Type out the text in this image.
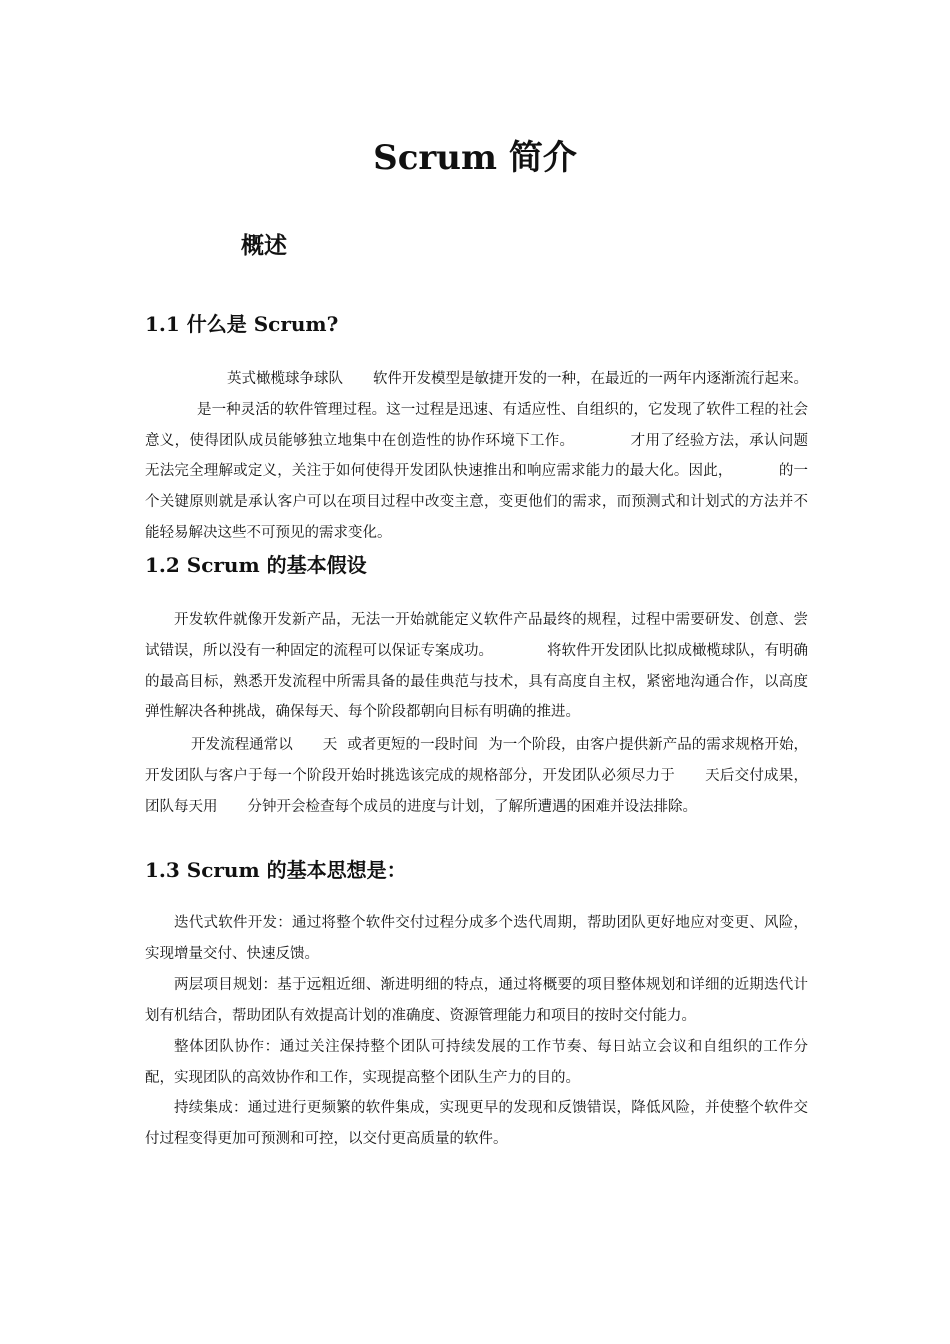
Scrum 简介
概述
1.1 什么是 Scrum?

英式橄榄球争球队 软件开发模型是敏捷开发的一种，在最近的一两年内逐渐流行起来。是一种灵活的软件管理过程。这一过程是迅速、有适应性、自组织的，它发现了软件工程的社会意义，使得团队成员能够独立地集中在创造性的协作环境下工作。	才用了经验方法，承认问题无法完全理解或定义，关注于如何使得开发团队快速推出和响应需求能力的最大化。因此，	的一个关键原则就是承认客户可以在项目过程中改变主意，变更他们的需求，而预测式和计划式的方法并不能轻易解决这些不可预见的需求变化。

1.2 Scrum 的基本假设

开发软件就像开发新产品，无法一开始就能定义软件产品最终的规程，过程中需要研发、创意、尝试错误，所以没有一种固定的流程可以保证专案成功。	将软件开发团队比拟成橄榄球队，有明确的最高目标，熟悉开发流程中所需具备的最佳典范与技术，具有高度自主权，紧密地沟通合作，以高度弹性解决各种挑战，确保每天、每个阶段都朝向目标有明确的推进。

开发流程通常以 天 或者更短的一段时间 为一个阶段，由客户提供新产品的需求规格开始，开发团队与客户于每一个阶段开始时挑选该完成的规格部分，开发团队必须尽力于 天后交付成果，团队每天用 分钟开会检查每个成员的进度与计划，了解所遭遇的困难并设法排除。

1.3 Scrum 的基本思想是：

迭代式软件开发：通过将整个软件交付过程分成多个迭代周期，帮助团队更好地应对变更、风险，实现增量交付、快速反馈。

两层项目规划：基于远粗近细、渐进明细的特点，通过将概要的项目整体规划和详细的近期迭代计划有机结合，帮助团队有效提高计划的准确度、资源管理能力和项目的按时交付能力。

整体团队协作：通过关注保持整个团队可持续发展的工作节奏、每日站立会议和自组织的工作分配，实现团队的高效协作和工作，实现提高整个团队生产力的目的。

持续集成：通过进行更频繁的软件集成，实现更早的发现和反馈错误，降低风险，并使整个软件交付过程变得更加可预测和可控，以交付更高质量的软件。
